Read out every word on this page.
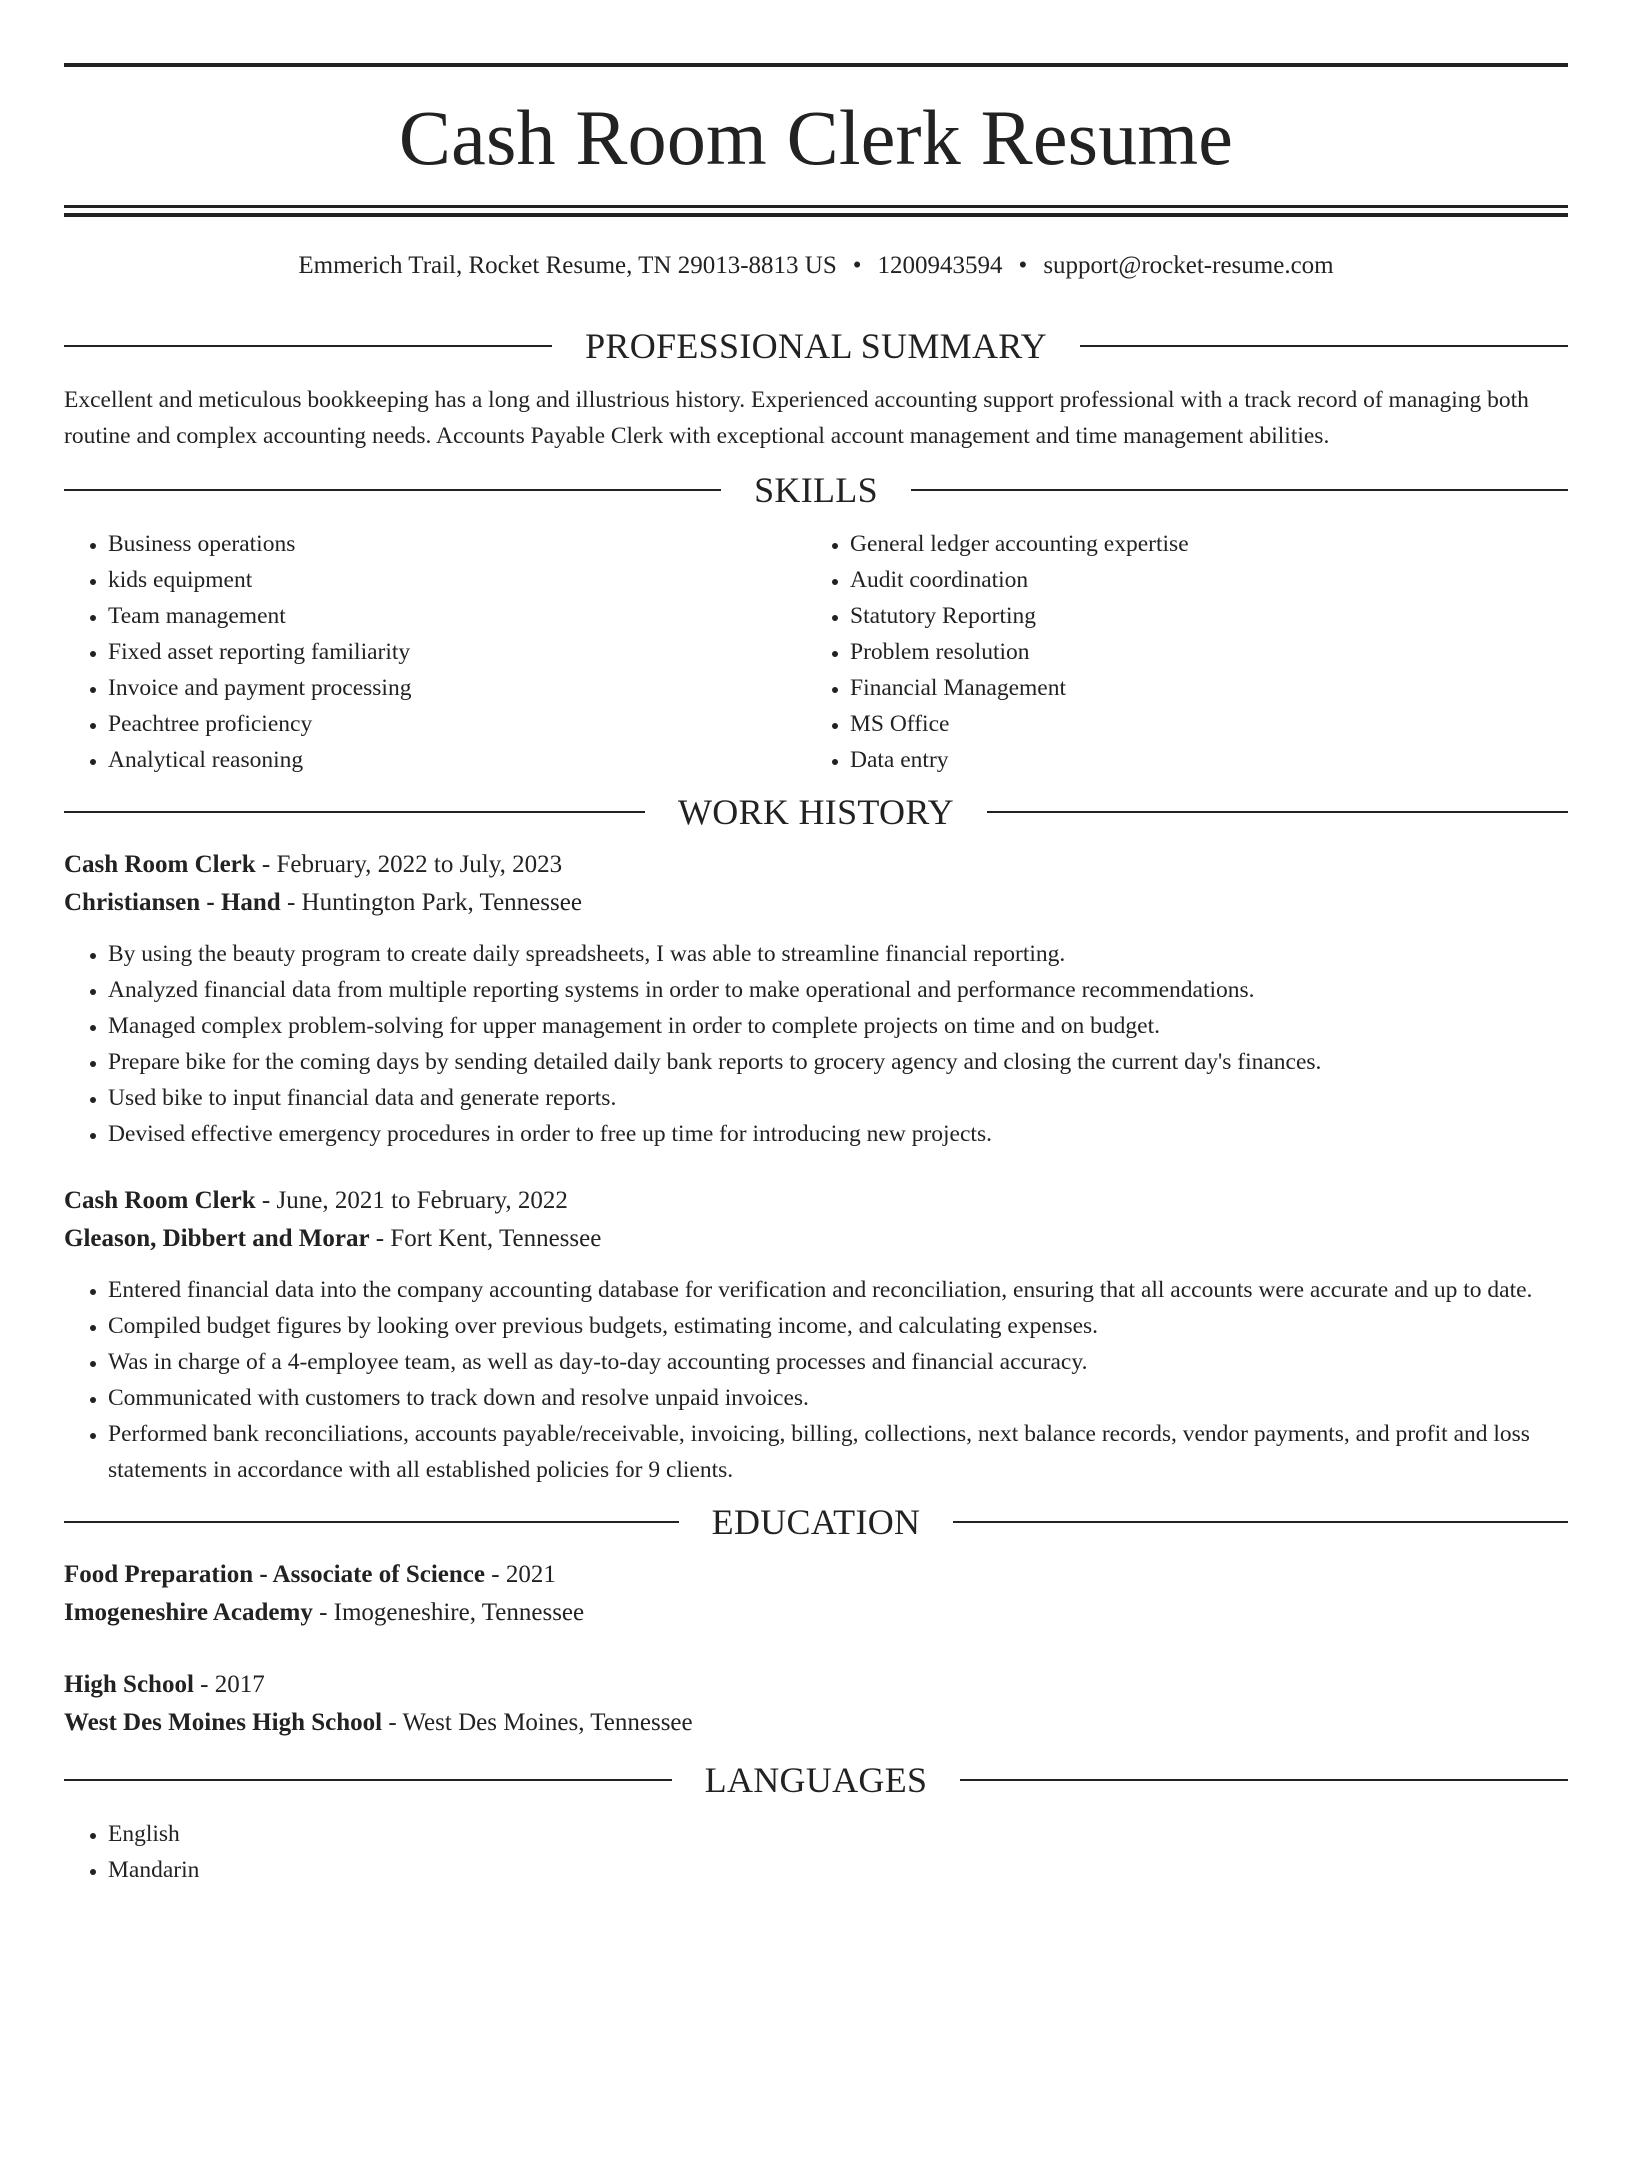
Cash Room Clerk Resume
Emmerich Trail, Rocket Resume, TN 29013-8813 US • 1200943594 • support@rocket-resume.com
PROFESSIONAL SUMMARY

Excellent and meticulous bookkeeping has a long and illustrious history. Experienced accounting support professional with a track record of managing both routine and complex accounting needs. Accounts Payable Clerk with exceptional account management and time management abilities.

SKILLS
• Business operations
• kids equipment
• Team management
• Fixed asset reporting familiarity
• Invoice and payment processing
• Peachtree proficiency
• Analytical reasoning
• General ledger accounting expertise
• Audit coordination
• Statutory Reporting
• Problem resolution
• Financial Management
• MS Office
• Data entry
WORK HISTORY
Cash Room Clerk - February, 2022 to July, 2023
Christiansen - Hand - Huntington Park, Tennessee
• By using the beauty program to create daily spreadsheets, I was able to streamline financial reporting.
• Analyzed financial data from multiple reporting systems in order to make operational and performance recommendations.
• Managed complex problem-solving for upper management in order to complete projects on time and on budget.
• Prepare bike for the coming days by sending detailed daily bank reports to grocery agency and closing the current day's finances.
• Used bike to input financial data and generate reports.
• Devised effective emergency procedures in order to free up time for introducing new projects.
Cash Room Clerk - June, 2021 to February, 2022
Gleason, Dibbert and Morar - Fort Kent, Tennessee
• Entered financial data into the company accounting database for verification and reconciliation, ensuring that all accounts were accurate and up to date.
• Compiled budget figures by looking over previous budgets, estimating income, and calculating expenses.
• Was in charge of a 4-employee team, as well as day-to-day accounting processes and financial accuracy.
• Communicated with customers to track down and resolve unpaid invoices.
• Performed bank reconciliations, accounts payable/receivable, invoicing, billing, collections, next balance records, vendor payments, and profit and loss statements in accordance with all established policies for 9 clients.
EDUCATION
Food Preparation - Associate of Science - 2021
Imogeneshire Academy - Imogeneshire, Tennessee
High School - 2017
West Des Moines High School - West Des Moines, Tennessee
LANGUAGES
• English
• Mandarin
